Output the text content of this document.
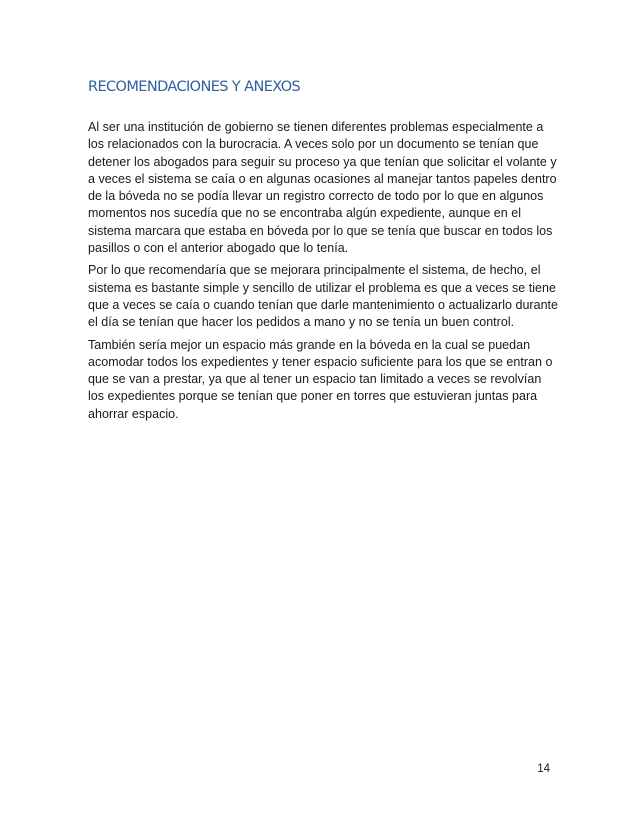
RECOMENDACIONES Y ANEXOS

Al ser una institución de gobierno se tienen diferentes problemas especialmente a los relacionados con la burocracia. A veces solo por un documento se tenían que detener los abogados para seguir su proceso ya que tenían que solicitar el volante y a veces el sistema se caía o en algunas ocasiones al manejar tantos papeles dentro de la bóveda no se podía llevar un registro correcto de todo por lo que en algunos momentos nos sucedía que no se encontraba algún expediente, aunque en el sistema marcara que estaba en bóveda por lo que se tenía que buscar en todos los pasillos o con el anterior abogado que lo tenía.

Por lo que recomendaría que se mejorara principalmente el sistema, de hecho, el sistema es bastante simple y sencillo de utilizar el problema es que a veces se tiene que a veces se caía o cuando tenían que darle mantenimiento o actualizarlo durante el día se tenían que hacer los pedidos a mano y no se tenía un buen control.

También sería mejor un espacio más grande en la bóveda en la cual se puedan acomodar todos los expedientes y tener espacio suficiente para los que se entran o que se van a prestar, ya que al tener un espacio tan limitado a veces se revolvían los expedientes porque se tenían que poner en torres que estuvieran juntas para ahorrar espacio.

14
